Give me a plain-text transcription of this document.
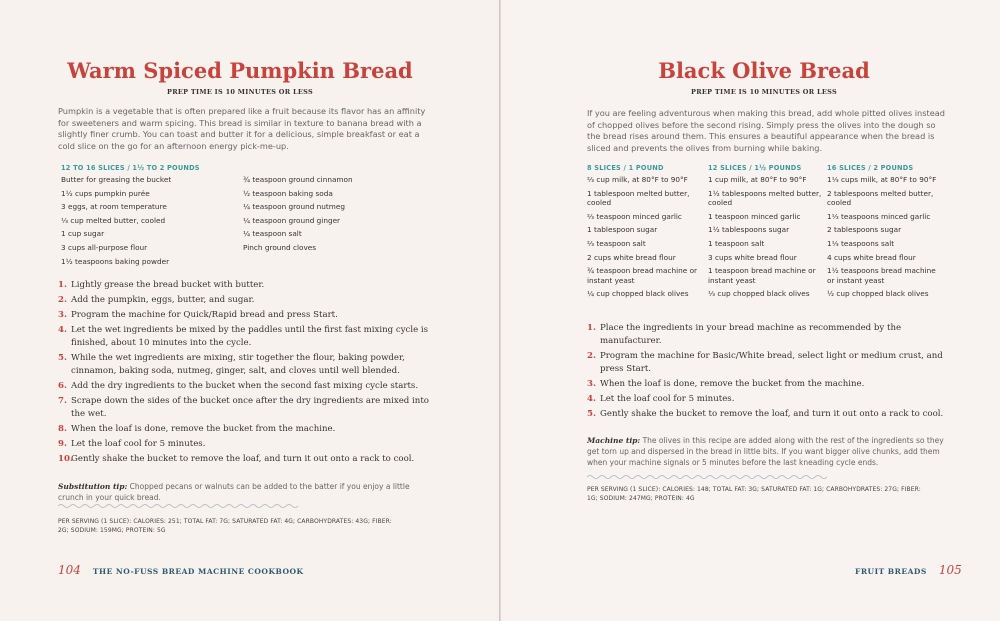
Warm Spiced Pumpkin Bread
PREP TIME IS 10 MINUTES OR LESS
Pumpkin is a vegetable that is often prepared like a fruit because its flavor has an affinity for sweeteners and warm spicing. This bread is similar in texture to banana bread with a slightly finer crumb. You can toast and butter it for a delicious, simple breakfast or eat a cold slice on the go for an afternoon energy pick-me-up.
12 TO 16 SLICES / 1½ TO 2 POUNDS
Butter for greasing the bucket
1½ cups pumpkin purée
3 eggs, at room temperature
⅓ cup melted butter, cooled
1 cup sugar
3 cups all-purpose flour
1½ teaspoons baking powder
¾ teaspoon ground cinnamon
½ teaspoon baking soda
¼ teaspoon ground nutmeg
¼ teaspoon ground ginger
¼ teaspoon salt
Pinch ground cloves
1. Lightly grease the bread bucket with butter.
2. Add the pumpkin, eggs, butter, and sugar.
3. Program the machine for Quick/Rapid bread and press Start.
4. Let the wet ingredients be mixed by the paddles until the first fast mixing cycle is finished, about 10 minutes into the cycle.
5. While the wet ingredients are mixing, stir together the flour, baking powder, cinnamon, baking soda, nutmeg, ginger, salt, and cloves until well blended.
6. Add the dry ingredients to the bucket when the second fast mixing cycle starts.
7. Scrape down the sides of the bucket once after the dry ingredients are mixed into the wet.
8. When the loaf is done, remove the bucket from the machine.
9. Let the loaf cool for 5 minutes.
10.
Gently shake the bucket to remove the loaf, and turn it out onto a rack to cool.
Substitution tip: Chopped pecans or walnuts can be added to the batter if you enjoy a little crunch in your quick bread.
PER SERVING (1 SLICE): CALORIES: 251; TOTAL FAT: 7G; SATURATED FAT: 4G; CARBOHYDRATES: 43G; FIBER: 2G; SODIUM: 159MG; PROTEIN: 5G
104 THE NO-FUSS BREAD MACHINE COOKBOOK
Black Olive Bread
PREP TIME IS 10 MINUTES OR LESS
If you are feeling adventurous when making this bread, add whole pitted olives instead of chopped olives before the second rising. Simply press the olives into the dough so the bread rises around them. This ensures a beautiful appearance when the bread is sliced and prevents the olives from burning while baking.
8 SLICES / 1 POUND
⅔ cup milk, at 80°F to 90°F
1 tablespoon melted butter, cooled
⅔ teaspoon minced garlic
1 tablespoon sugar
⅔ teaspoon salt
2 cups white bread flour
¾ teaspoon bread machine or instant yeast
¼ cup chopped black olives
12 SLICES / 1½ POUNDS
1 cup milk, at 80°F to 90°F
1½ tablespoons melted butter, cooled
1 teaspoon minced garlic
1½ tablespoons sugar
1 teaspoon salt
3 cups white bread flour
1 teaspoon bread machine or instant yeast
⅓ cup chopped black olives
16 SLICES / 2 POUNDS
1⅓ cups milk, at 80°F to 90°F
2 tablespoons melted butter, cooled
1⅓ teaspoons minced garlic
2 tablespoons sugar
1⅓ teaspoons salt
4 cups white bread flour
1½ teaspoons bread machine or instant yeast
½ cup chopped black olives
1. Place the ingredients in your bread machine as recommended by the manufacturer.
2. Program the machine for Basic/White bread, select light or medium crust, and press Start.
3. When the loaf is done, remove the bucket from the machine.
4. Let the loaf cool for 5 minutes.
5. Gently shake the bucket to remove the loaf, and turn it out onto a rack to cool.
Machine tip: The olives in this recipe are added along with the rest of the ingredients so they get torn up and dispersed in the bread in little bits. If you want bigger olive chunks, add them when your machine signals or 5 minutes before the last kneading cycle ends.
PER SERVING (1 SLICE): CALORIES: 148; TOTAL FAT: 3G; SATURATED FAT: 1G; CARBOHYDRATES: 27G; FIBER: 1G; SODIUM: 247MG; PROTEIN: 4G
FRUIT BREADS 105
